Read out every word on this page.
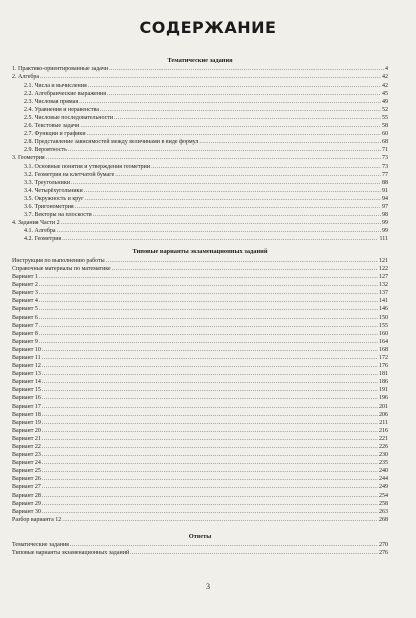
СОДЕРЖАНИЕ
Тематические задания
1. Практико-ориентированные задачи .....	4
2. Алгебра .....	42
2.1. Числа и вычисления .....	42
2.2. Алгебраические выражения .....	45
2.3. Числовая прямая .....	49
2.4. Уравнения и неравенства .....	52
2.5. Числовые последовательности .....	55
2.6. Текстовые задачи .....	58
2.7. Функции и графики .....	60
2.8. Представление зависимостей между величинами в виде формул .....	68
2.9. Вероятность .....	71
3. Геометрия .....	73
3.1. Основные понятия и утверждения геометрии .....	73
3.2. Геометрия на клетчатой бумаге .....	77
3.3. Треугольники .....	88
3.4. Четырёхугольники .....	91
3.5. Окружность и круг .....	94
3.6. Тригонометрия .....	97
3.7. Векторы на плоскости .....	98
4. Задания Части 2 .....	99
4.1. Алгебра .....	99
4.2. Геометрия .....	111
Типовые варианты экзаменационных заданий
Инструкция по выполнению работы .....	121
Справочные материалы по математике .....	122
Вариант 1 .....	127
Вариант 2 .....	132
Вариант 3 .....	137
Вариант 4 .....	141
Вариант 5 .....	146
Вариант 6 .....	150
Вариант 7 .....	155
Вариант 8 .....	160
Вариант 9 .....	164
Вариант 10 .....	168
Вариант 11 .....	172
Вариант 12 .....	176
Вариант 13 .....	181
Вариант 14 .....	186
Вариант 15 .....	191
Вариант 16 .....	196
Вариант 17 .....	201
Вариант 18 .....	206
Вариант 19 .....	211
Вариант 20 .....	216
Вариант 21 .....	221
Вариант 22 .....	226
Вариант 23 .....	230
Вариант 24 .....	235
Вариант 25 .....	240
Вариант 26 .....	244
Вариант 27 .....	249
Вариант 28 .....	254
Вариант 29 .....	258
Вариант 30 .....	263
Разбор варианта 12 .....	268
Ответы
Тематические задания .....	270
Типовые варианты экзаменационных заданий .....	276
3
